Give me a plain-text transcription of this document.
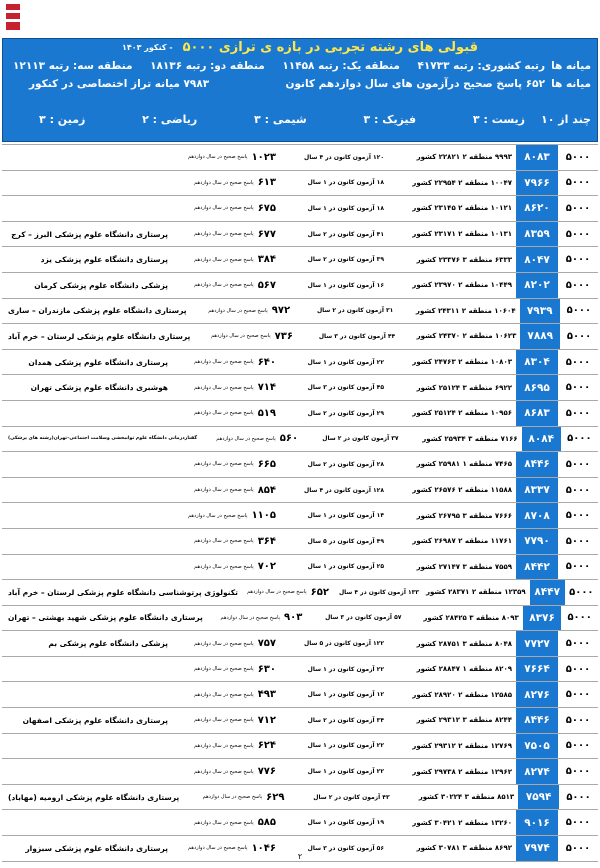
قبولی های رشته تجربی در بازه ی ترازی ۵۰۰۰
- کنکور ۱۴۰۳
میانه ها
رتبه کشوری: رتبه ۴۱۷۳۳
منطقه یک: رتبه ۱۱۴۵۸
منطقه دو: رتبه ۱۸۱۳۶
منطقه سه: رتبه ۱۲۱۱۳
میانه ها
۶۵۲ پاسخ صحیح درآزمون های سال دوازدهم کانون
۷۹۸۳ میانه تراز اختصاصی در کنکور
چند از ۱۰
زیست : ۳
فیزیک : ۳
شیمی : ۳
ریاضی : ۲
زمین : ۳
۵۰۰۰
۸۰۸۳
۹۹۹۳ منطقه ۲ ۲۲۸۲۱ کشور
۱۲۰ آزمون کانون در ۴ سال
۱۰۲۳
پاسخ صحیح در سال دوازدهم
۵۰۰۰
۷۹۶۶
۱۰۰۴۷ منطقه ۲ ۲۲۹۵۴ کشور
۱۸ آزمون کانون در ۱ سال
۶۱۳
پاسخ صحیح در سال دوازدهم
۵۰۰۰
۸۶۲۰
۱۰۱۲۱ منطقه ۲ ۲۳۱۴۵ کشور
۱۸ آزمون کانون در ۱ سال
۶۷۵
پاسخ صحیح در سال دوازدهم
۵۰۰۰
۸۳۵۹
۱۰۱۳۱ منطقه ۲ ۲۳۱۷۱ کشور
۴۱ آزمون کانون در ۲ سال
۶۷۷
پاسخ صحیح در سال دوازدهم
پرستاری دانشگاه علوم پزشکی البرز – کرج
۵۰۰۰
۸۰۴۷
۶۳۳۳ منطقه ۳ ۲۳۳۷۶ کشور
۳۹ آزمون کانون در ۲ سال
۳۸۴
پاسخ صحیح در سال دوازدهم
پرستاری دانشگاه علوم پزشکی یزد
۵۰۰۰
۸۲۰۲
۱۰۴۴۹ منطقه ۲ ۲۳۹۷۰ کشور
۱۶ آزمون کانون در ۱ سال
۵۶۷
پاسخ صحیح در سال دوازدهم
پزشکی دانشگاه علوم پزشکی کرمان
۵۰۰۰
۷۹۳۹
۱۰۶۰۴ منطقه ۲ ۲۴۳۱۱ کشور
۳۱ آزمون کانون در ۲ سال
۹۷۲
پاسخ صحیح در سال دوازدهم
پرستاری دانشگاه علوم پزشکی مازندران – ساری
۵۰۰۰
۷۸۸۹
۱۰۶۲۳ منطقه ۲ ۲۴۳۷۰ کشور
۴۴ آزمون کانون در ۳ سال
۷۳۶
پاسخ صحیح در سال دوازدهم
پرستاری دانشگاه علوم پزشکی لرستان – خرم آباد
۵۰۰۰
۸۳۰۴
۱۰۸۰۳ منطقه ۲ ۲۴۷۶۳ کشور
۲۲ آزمون کانون در ۱ سال
۶۴۰
پاسخ صحیح در سال دوازدهم
پرستاری دانشگاه علوم پزشکی همدان
۵۰۰۰
۸۶۹۵
۶۹۲۲ منطقه ۳ ۲۵۱۲۴ کشور
۴۵ آزمون کانون در ۳ سال
۷۱۴
پاسخ صحیح در سال دوازدهم
هوشبری دانشگاه علوم پزشکی تهران
۵۰۰۰
۸۶۸۳
۱۰۹۵۶ منطقه ۲ ۲۵۱۲۴ کشور
۲۹ آزمون کانون در ۲ سال
۵۱۹
پاسخ صحیح در سال دوازدهم
۵۰۰۰
۸۰۸۴
۷۱۶۶ منطقه ۳ ۲۵۹۳۴ کشور
۳۷ آزمون کانون در ۲ سال
۵۶۰
پاسخ صحیح در سال دوازدهم
گفتاردرمانی دانشگاه علوم توانبخشی وسلامت اجتماعی–تهران(رشته های پزشکی)
۵۰۰۰
۸۴۴۶
۷۴۶۵ منطقه ۱ ۲۵۹۸۱ کشور
۲۸ آزمون کانون در ۲ سال
۶۶۵
پاسخ صحیح در سال دوازدهم
۵۰۰۰
۸۳۳۷
۱۱۵۸۸ منطقه ۲ ۲۶۵۷۶ کشور
۱۲۸ آزمون کانون در ۴ سال
۸۵۴
پاسخ صحیح در سال دوازدهم
۵۰۰۰
۸۷۰۸
۷۶۶۶ منطقه ۳ ۲۶۷۹۵ کشور
۱۴ آزمون کانون در ۱ سال
۱۱۰۵
پاسخ صحیح در سال دوازدهم
۵۰۰۰
۷۷۹۰
۱۱۷۶۱ منطقه ۲ ۲۶۹۸۷ کشور
۴۹ آزمون کانون در ۵ سال
۳۶۴
پاسخ صحیح در سال دوازدهم
۵۰۰۰
۸۴۴۲
۷۵۵۹ منطقه ۳ ۲۷۱۴۷ کشور
۲۵ آزمون کانون در ۱ سال
۷۰۲
پاسخ صحیح در سال دوازدهم
۵۰۰۰
۸۴۴۷
۱۲۳۵۹ منطقه ۲ ۲۸۳۷۱ کشور
۱۳۳ آزمون کانون در ۴ سال
۶۵۲
پاسخ صحیح در سال دوازدهم
تکنولوژی پرتوشناسی دانشگاه علوم پزشکی لرستان – خرم آباد
۵۰۰۰
۸۳۷۶
۸۰۹۳ منطقه ۳ ۲۸۴۲۵ کشور
۵۷ آزمون کانون در ۳ سال
۹۰۳
پاسخ صحیح در سال دوازدهم
پرستاری دانشگاه علوم پزشکی شهید بهشتی – تهران
۵۰۰۰
۷۷۲۷
۸۰۴۸ منطقه ۳ ۲۸۷۵۱ کشور
۱۲۲ آزمون کانون در ۵ سال
۷۵۷
پاسخ صحیح در سال دوازدهم
پزشکی دانشگاه علوم پزشکی بم
۵۰۰۰
۷۶۶۴
۸۲۰۹ منطقه ۱ ۲۸۸۴۷ کشور
۲۲ آزمون کانون در ۱ سال
۶۳۰
پاسخ صحیح در سال دوازدهم
۵۰۰۰
۸۲۷۶
۱۲۵۸۵ منطقه ۲ ۲۸۹۲۰ کشور
۱۲ آزمون کانون در ۱ سال
۴۹۳
پاسخ صحیح در سال دوازدهم
۵۰۰۰
۸۴۴۶
۸۲۴۴ منطقه ۳ ۲۹۳۱۲ کشور
۳۴ آزمون کانون در ۲ سال
۷۱۲
پاسخ صحیح در سال دوازدهم
پرستاری دانشگاه علوم پزشکی اصفهان
۵۰۰۰
۷۵۰۵
۱۲۷۶۹ منطقه ۲ ۲۹۳۱۲ کشور
۲۲ آزمون کانون در ۱ سال
۶۲۴
پاسخ صحیح در سال دوازدهم
۵۰۰۰
۸۲۷۴
۱۲۹۶۲ منطقه ۲ ۲۹۷۳۸ کشور
۲۲ آزمون کانون در ۱ سال
۷۷۶
پاسخ صحیح در سال دوازدهم
۵۰۰۰
۷۵۹۴
۸۵۱۳ منطقه ۳ ۳۰۲۲۴ کشور
۴۳ آزمون کانون در ۲ سال
۶۲۹
پاسخ صحیح در سال دوازدهم
پرستاری دانشگاه علوم پزشکی ارومیه (مهاباد)
۵۰۰۰
۹۰۱۶
۱۳۲۶۰ منطقه ۲ ۳۰۴۲۱ کشور
۱۹ آزمون کانون در ۱ سال
۵۸۵
پاسخ صحیح در سال دوازدهم
۵۰۰۰
۷۹۷۴
۸۶۹۲ منطقه ۳ ۳۰۷۸۱ کشور
۵۶ آزمون کانون در ۳ سال
۱۰۴۶
پاسخ صحیح در سال دوازدهم
پرستاری دانشگاه علوم پزشکی سبزوار
۲
